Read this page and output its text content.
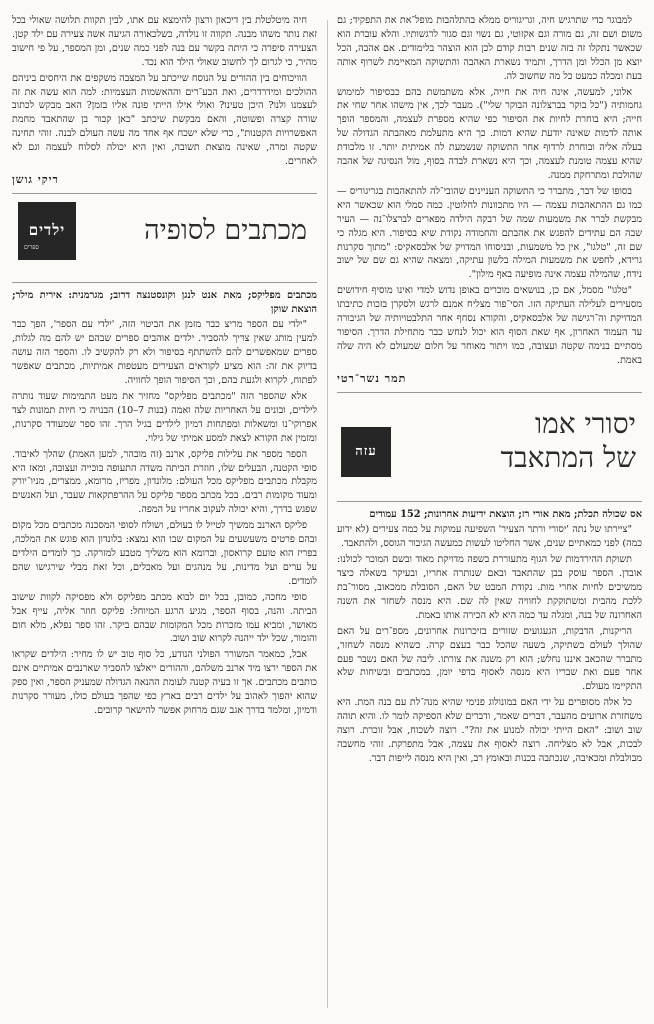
למבוגר כדי שתרגיש חיה, וגריגוריס ממלא בהתלהבות מופל־את את התפקיד; גם משום ושם זה, גם מורה וגם אקזוטי, גם נשוי וגם סגור לרגשותיו. והלא עוברת הוא שכאשר נתקלו זה בזה שנים רבות קודם לכן הוא הוצהר בלימודים. אם אהבה, הכל יוצא מן הכלל ומן הדרך, ותמיד נשארת האהבה והתשוקה המאיימת לשרוף אותה בעת ומכלה כמעט כל מה שחשוב לה.

אלוני, למעשה, אינה חיה את חייה, אלא משתמשת בהם כבסיפור למימוש גחמותיה ("כל בוקר בברצלונה הבוקר שלי"). מעבר לכך, אין מישהו אחר שחי את חייה; היא בוחרת לחיות את הסיפור כפי שהיא מספרת לעצמה, והמספר הופך אותה לדמות שאינה יודעת שהיא דמות. כך היא מתעלמת מאהבתה הגדולה של בעלה אליה ובוחרת לרדוף אחר התשוקה שנשמעת לה אמיתית יותר. זו מלכודת שהיא עצמה טומנת לעצמה, וכך היא נשארת לבדה בסוף, מול הנסיגה של אהבה שהולכת ומתרחקת ממנה.

בסופו של דבר, מתברר כי התשוקה העניינים שהובי־לה להתאהבות בגריגוריס — כמו גם ההתאהבות עצמה — היו מתכוונות לחלוטין. כמה סמלי הוא שכאשר היא מבקשת לברר את משמעות שמה של רבקה הילדה מפארים לברצלו־נה — העיר שבה הם עתידים להפגש את אהבתם והחמודה נקודת שיא בסיפור. היא מגלה כי שם זה, "טלגו", אין כל משמעות, ובניסוחו המדויק של אלבסאקיס: "מתוך סקרנות גרידא, לחפש את משמעות המילה בלשון עתיקה, ומצאה שהיא גם שם של ישוב נידח, שהמילה עצמה אינה מופיעה באף מילון".

"טלגו" מסמל, אם כן, בנושאים מוכרים באופן נדוש למדי ואינו מוסיף חידושים מסעירים לעלילה העתיקה הזו. הסי־פור מצליח אמנם לרגש ולסקרן בזכות כתיבתו המדויקת וה־רגישה של אלבסאקיס, והקורא נסחף אחר התלבטויותיה של הגיבורה עד העמוד האחרון, אף שאת הסוף הוא יכול לנחש כבר מתחילת הדרך. הסיפור מסתיים בנימה שקטה ועצובה, כמו ויתור מאוחר על חלום שמעולם לא היה שלה באמת.

תמר נשר־רטי
יסורי אמו
של המתאבד
עזה

אס שכולה תכלת; מאת אורי רז; הוצאת ידיעות אחרונות; 152 עמודים

"ציירתו של נתה 'יסורי ורתר הצעיר' השפיעה עמוקות על כמה צעירים (לא ידוע כמה) לפני כמאתיים שנים, אשר החליטו לעשות כמעשה הגיבור הגוסס, ולהתאבד.

תשוקת ההירדמות של הגוף מתעוררת בשפה מדויקת מאוד ובשם המוכר לכולנו: אובדן. הספר עוסק בבן שהתאבד ובאם שנותרה אחריו, ובעיקר בשאלה כיצד ממשיכים לחיות אחרי מות. נקודת המבט של האם, הסובלת ממכאוב, מסור־בת ללכת מהבית ומשתוקקת לחוויה שאין לה שם. היא מנסה לשחזר את השנה האחרונה של בנה, ומגלה עד כמה היא לא הכירה אותו באמת.

הריקנות, הדבקות, הגעגועים שזורים בזיכרונות אחרונים, מספ־רים על האם שהולך לעולם בשתיקה, בשעה שהכל כבר בעצם קרה. כשהיא מנסה לשחזר, מתברר שהכאב איננו נחלש; הוא רק משנה את צורתו. ליבה של האם נשבר פעם אחר פעם ואת שבריו היא מנסה לאסוף בדפי יומן, במכתבים ובשיחות שלא התקיימו מעולם.

כל אלה מסופרים על ידי האם במונולוג פנימי שהיא מנה־לת עם בנה המת. היא משחזרת ארועים מהעבר, דברים שאמר, ודברים שלא הספיקה לומר לו. והיא תוהה שוב ושוב: "האם הייתי יכולה למנוע את זה?". רוצה לשכוח, אבל זוכרת. רוצה לבכות, אבל לא מצליחה. רוצה לאסוף את עצמה, אבל מתפרקת. זוהי מחשבה מבולבלת ומכאיבה, שנכתבה בכנות ובאומץ רב, ואין היא מנסה לייפות דבר.

חיה מיטלטלת בין דיכאון ורצון להימצא עם אתו, לבין תקוות תלושה שאולי בכל זאת נותר משהו מבנה. תקווה זו נולדה, כשלכאורה הגיעה אשה צעירה עם ילד קטן. הצעירה סיפרה כי היתה בקשר עם בנה לפני כמה שנים, ומן המספר, על פי חישוב מהיר, כי לגרום לך לחשוב שאולי הילד הוא נכד.

הוויכוחים בין ההורים על הנוסח שייכתב על המצבה משקפים את היחסים ביניהם ההולכים ומידרדרים, ואת הבע־רים וההאשמות העצמיות: למה הוא עשה את זה לעצמנו ולנו? היכן טעינו? ואולי אילו הייתי פונה אליו בזמן? האב מבקש לכתוב שורה קצרה ופשוטה, והאם מבקשת שיכתב "כאן קבור בן שהתאבד מחמת האפשרויות הקטנות", כדי שלא ישכח אף אחד מה עשה העולם לבנה. זוהי תחינה שקטה ומרה, שאינה מוצאת תשובה, ואין היא יכולה לסלוח לעצמה וגם לא לאחרים.

ריקי גושן
מכתבים לסופיה
ילדים
ספרים

מכתבים מפליקס; מאת אנט לנגן וקונסטנצה דרוב; מגרמנית: אירית מילר; הוצאת שוקן

"ילדי עם הספר מריצ כבר מזמן את הביטוי הזה, 'ילדי עם הספר', הפך כבר למעין מותג שאין צריך להסביר. ילדים אוהבים ספרים שבהם יש להם מה לגלות, ספרים שמאפשרים להם להשתתף בסיפור ולא רק להקשיב לו. והספר הזה עושה בדיוק את זה: הוא מציע לקוראים הצעירים מעטפות אמיתיות, מכתבים שאפשר לפתוח, לקרוא ולגעת בהם, וכך הסיפור הופך לחוויה.

אלא שהספר הזה "מכתבים מפליקס" מחזיר את מעט התמימות שעוד נותרה לילדים, ובונים על האחריות שלה ואמה (בנות 7–10) הבנויה כי חיות תמונות לצד אפרוקי־נו ומשאלות ומפתחות דמיון לילדים בגיל הרך. זהו ספר שמעודד סקרנות, ומזמין את הקורא לצאת למסע אמיתי של גילוי.

הספר מספר את עלילות פליקס, ארנב (זה מובהר, למען האמת) שהלך לאיבוד. סופי הקטנה, הבעלים שלו, חוזרת הביתה משדה התעופה בוכייה ועצובה, ומאז היא מקבלת מכתבים מפליקס מכל העולם: מלונדון, מפריז, מרומא, ממצרים, מניו־יורק ומעוד מקומות רבים. בכל מכתב מספר פליקס על ההרפתקאות שעבר, ועל האנשים שפגש בדרך, והיא יכולה לעקוב אחריו על המפה.

פליקס הארנב ממשיך לטייל לו בעולם, ושולח לסופי המסכנה מכתבים מכל מקום ובהם פרטים משעשעים על המקום שבו הוא נמצא: בלונדון הוא פוגש את המלכה, בפריז הוא טועם קרואסון, וברומא הוא משליך מטבע למזרקה. כך לומדים הילדים על ערים ועל מדינות, על מנהגים ועל מאכלים, וכל זאת מבלי שירגישו שהם לומדים.

סופי מחכה, כמובן, בכל יום לבוא מכתב מפליקס ולא מפסיקה לקוות שישוב הביתה. והנה, בסוף הספר, מגיע הרגע המיוחל: פליקס חוזר אליה, עייף אבל מאושר, ומביא עמו מזכרות מכל המקומות שבהם ביקר. זהו ספר נפלא, מלא חום והומור, שכל ילד ייהנה לקרוא שוב ושוב.

אבל, כמאמר המשורר הפולני הנודע, כל סוף טוב יש לו מחיר: הילדים שקראו את הספר ירצו מיד ארנב משלהם, וההורים ייאלצו להסביר שארנבים אמיתיים אינם כותבים מכתבים. אך זו בעיה קטנה לעומת ההנאה הגדולה שמעניק הספר, ואין ספק שהוא יהפוך לאהוב על ילדים רבים בארץ כפי שהפך בעולם כולו, מעורר סקרנות ודמיון, ומלמד בדרך אגב שגם מרחוק אפשר להישאר קרובים.
